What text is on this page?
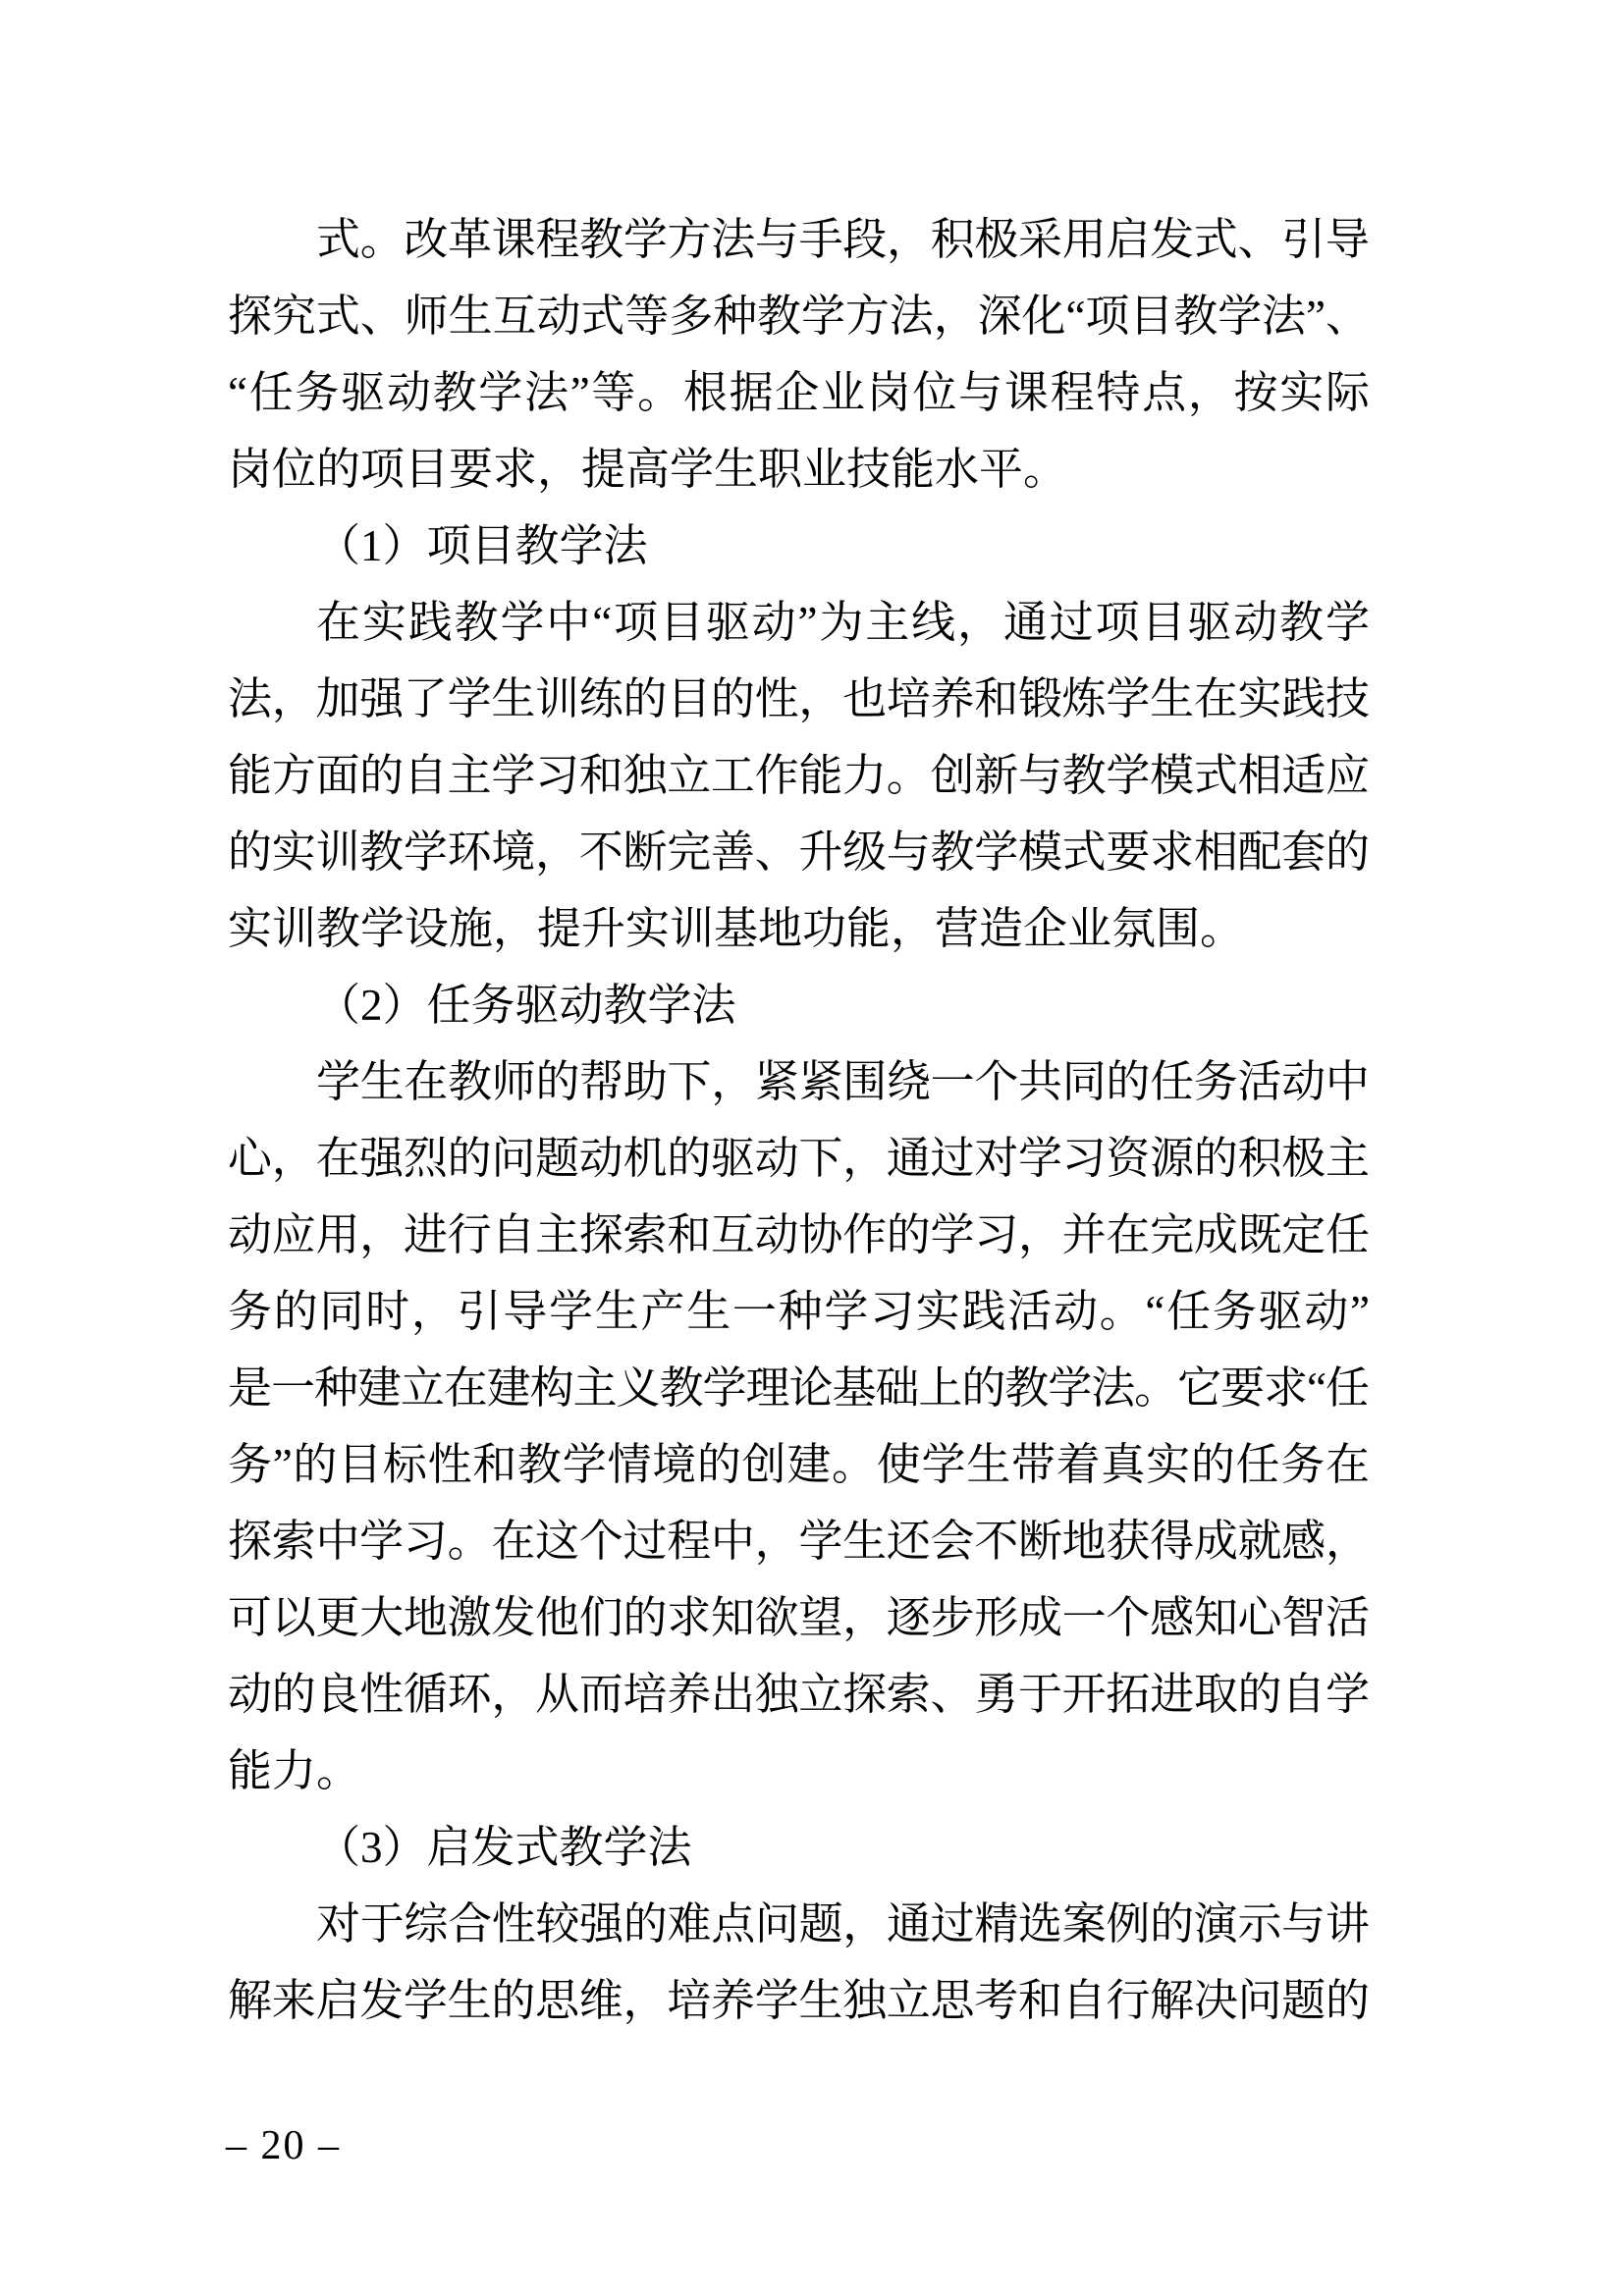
式。改革课程教学方法与手段，积极采用启发式、引导

探究式、师生互动式等多种教学方法，深化“项目教学法”、

“任务驱动教学法”等。根据企业岗位与课程特点，按实际

岗位的项目要求，提高学生职业技能水平。

（1）项目教学法

在实践教学中“项目驱动”为主线，通过项目驱动教学

法，加强了学生训练的目的性，也培养和锻炼学生在实践技

能方面的自主学习和独立工作能力。创新与教学模式相适应

的实训教学环境，不断完善、升级与教学模式要求相配套的

实训教学设施，提升实训基地功能，营造企业氛围。

（2）任务驱动教学法

学生在教师的帮助下，紧紧围绕一个共同的任务活动中

心，在强烈的问题动机的驱动下，通过对学习资源的积极主

动应用，进行自主探索和互动协作的学习，并在完成既定任

务的同时，引导学生产生一种学习实践活动。“任务驱动”

是一种建立在建构主义教学理论基础上的教学法。它要求“任

务”的目标性和教学情境的创建。使学生带着真实的任务在

探索中学习。在这个过程中，学生还会不断地获得成就感，

可以更大地激发他们的求知欲望，逐步形成一个感知心智活

动的良性循环，从而培养出独立探索、勇于开拓进取的自学

能力。

（3）启发式教学法

对于综合性较强的难点问题，通过精选案例的演示与讲

解来启发学生的思维，培养学生独立思考和自行解决问题的

– 20 –
